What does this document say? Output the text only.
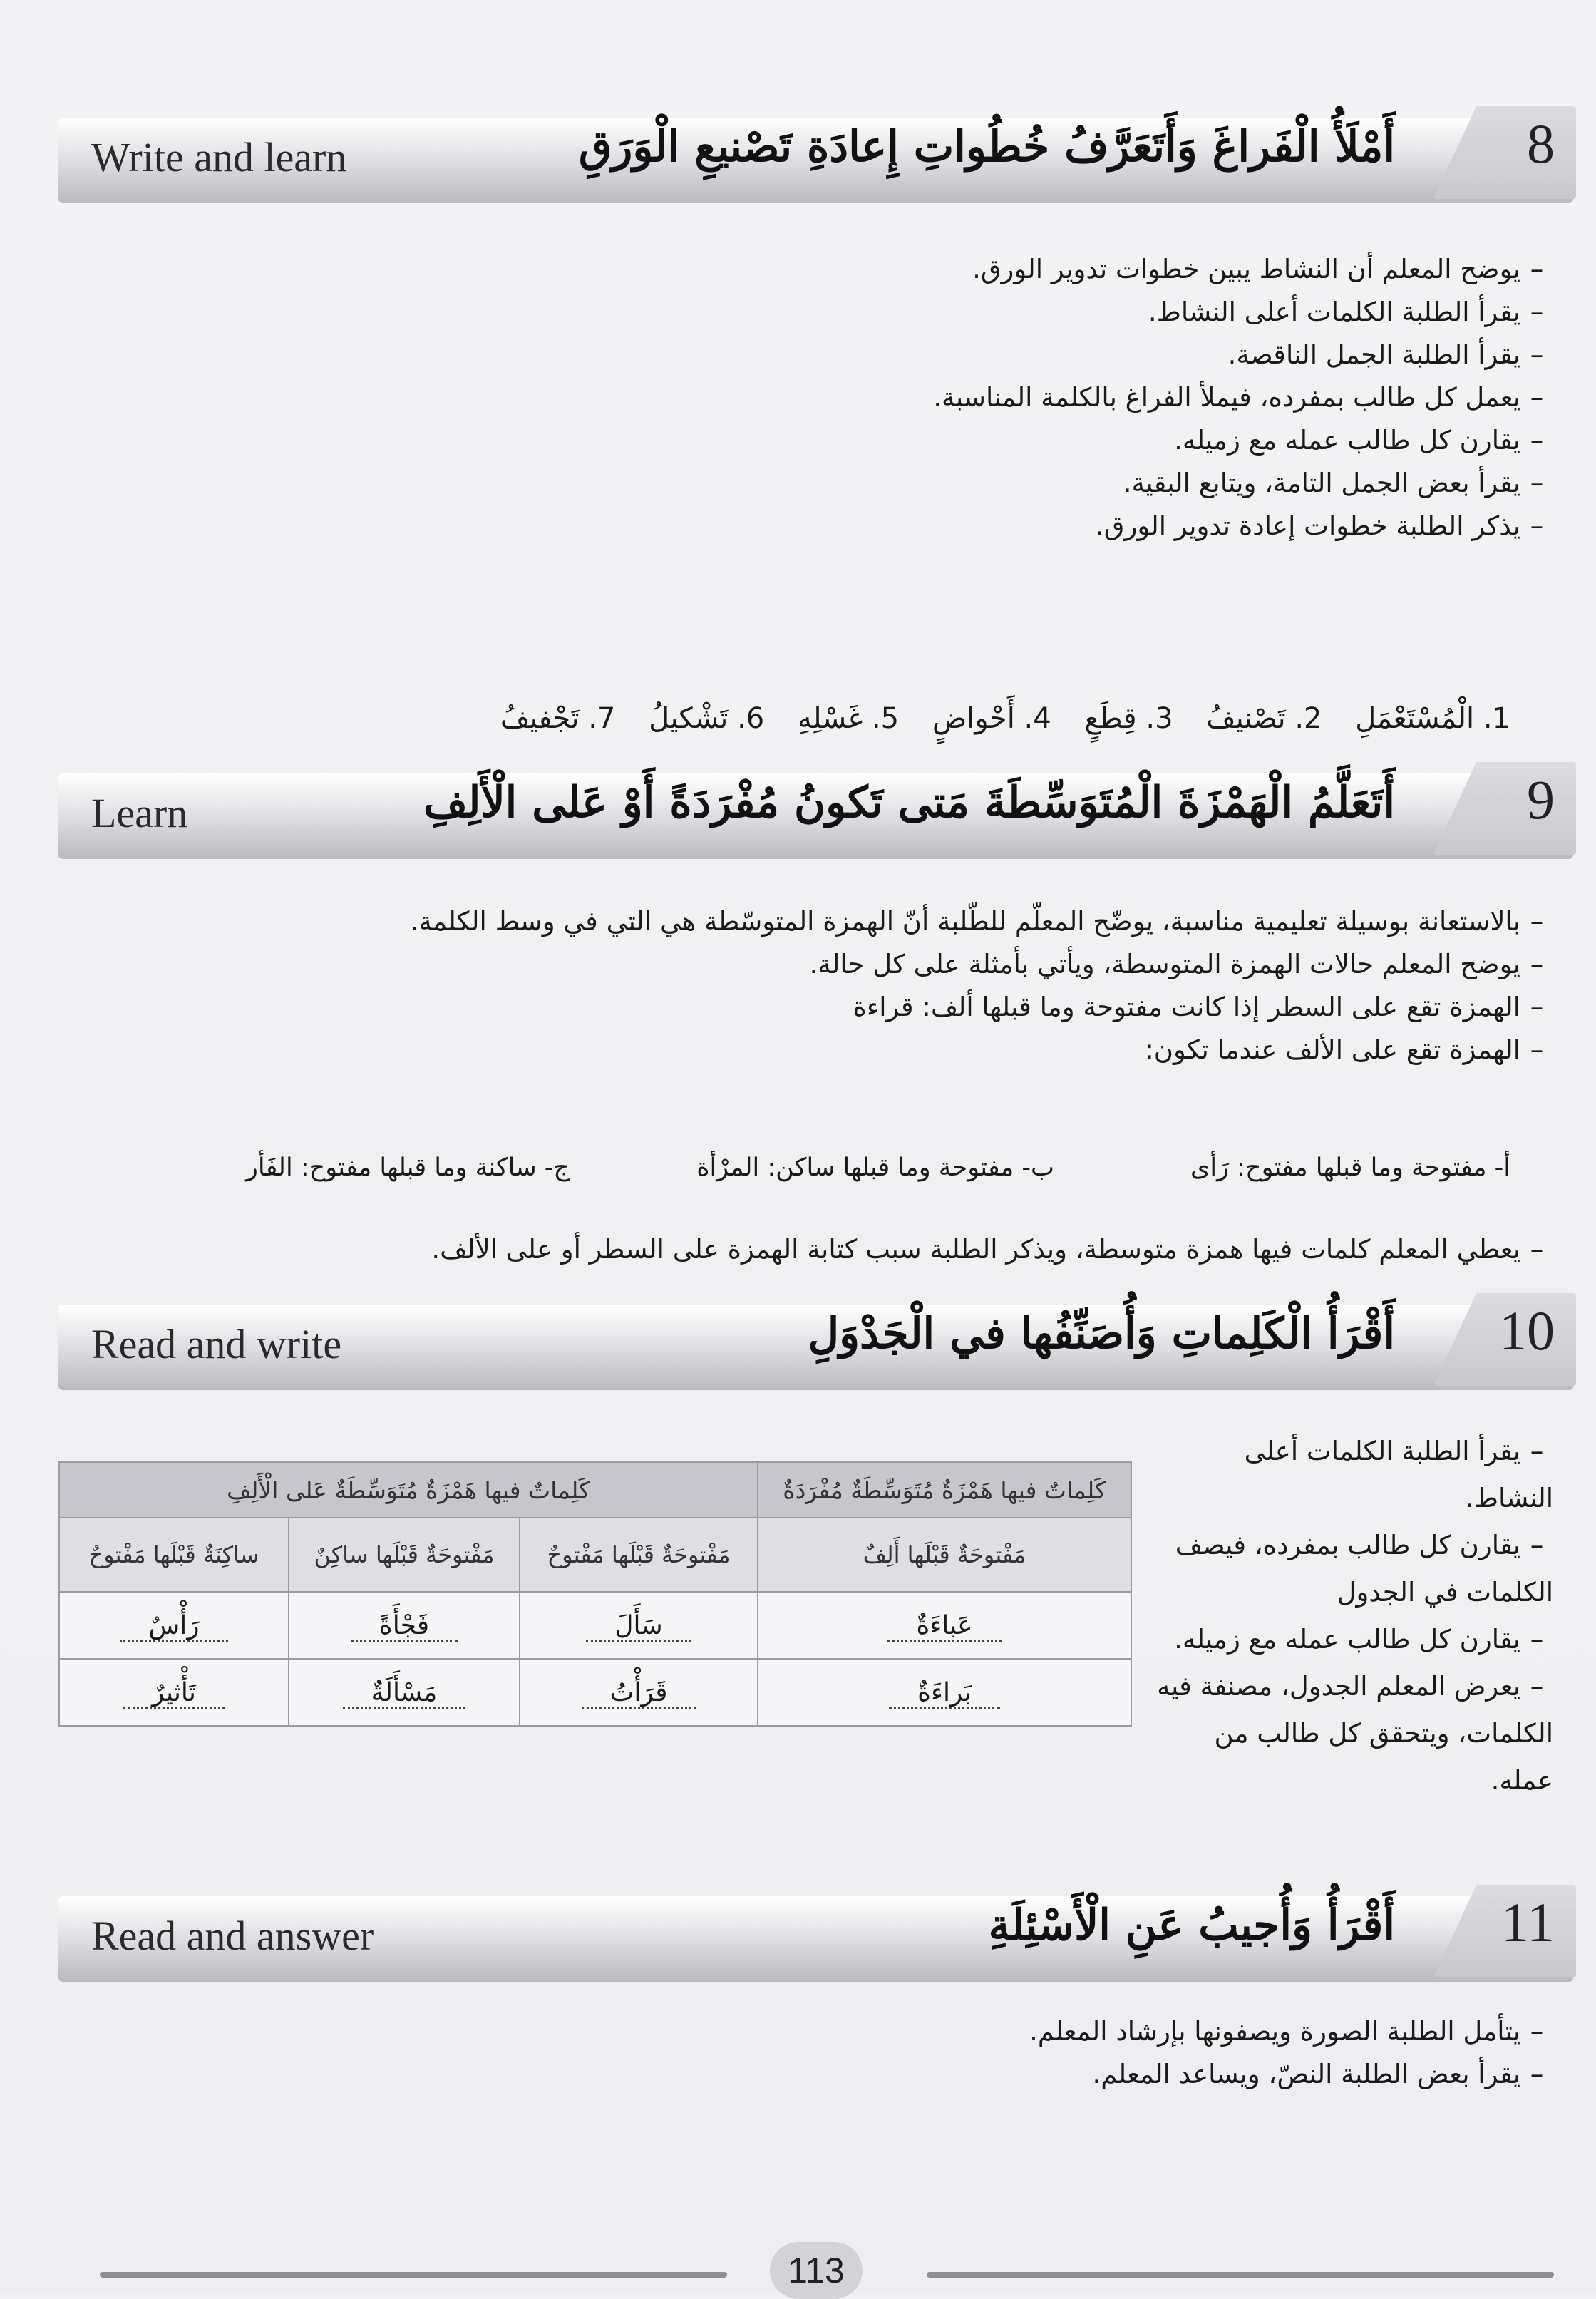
Write and learn	أَمْلَأُ الْفَراغَ وَأَتَعَرَّفُ خُطُواتِ إِعادَةِ تَصْنيعِ الْوَرَقِ 8
–يوضح المعلم أن النشاط يبين خطوات تدوير الورق.
–يقرأ الطلبة الكلمات أعلى النشاط.
–يقرأ الطلبة الجمل الناقصة.
–يعمل كل طالب بمفرده، فيملأ الفراغ بالكلمة المناسبة.
–يقارن كل طالب عمله مع زميله.
–يقرأ بعض الجمل التامة، ويتابع البقية.
–يذكر الطلبة خطوات إعادة تدوير الورق.
1. الْمُسْتَعْمَلِ 2. تَصْنيفُ 3. قِطَعٍ 4. أَحْواضٍ 5. غَسْلِهِ 6. تَشْكيلُ 7. تَجْفيفُ
Learn	أَتَعَلَّمُ الْهَمْزَةَ الْمُتَوَسِّطَةَ مَتى تَكونُ مُفْرَدَةً أَوْ عَلى الْأَلِفِ 9
–بالاستعانة بوسيلة تعليمية مناسبة، يوضّح المعلّم للطّلبة أنّ الهمزة المتوسّطة هي التي في وسط الكلمة.
–يوضح المعلم حالات الهمزة المتوسطة، ويأتي بأمثلة على كل حالة.
–الهمزة تقع على السطر إذا كانت مفتوحة وما قبلها ألف: قراءة
–الهمزة تقع على الألف عندما تكون:
أ- مفتوحة وما قبلها مفتوح: رَأى
ب- مفتوحة وما قبلها ساكن: المرْأة
ج- ساكنة وما قبلها مفتوح: الفَأر
–يعطي المعلم كلمات فيها همزة متوسطة، ويذكر الطلبة سبب كتابة الهمزة على السطر أو على الألف.
Read and write	أَقْرَأُ الْكَلِماتِ وَأُصَنِّفُها في الْجَدْوَلِ 10
كَلِماتٌ فيها هَمْزَةٌ مُتَوَسِّطَةٌ مُفْرَدَةٌ	كَلِماتٌ فيها هَمْزَةٌ مُتَوَسِّطَةٌ عَلى الْأَلِفِ		
مَفْتوحَةٌ قَبْلَها أَلِفٌ	مَفْتوحَةٌ قَبْلَها مَفْتوحٌ	مَفْتوحَةٌ قَبْلَها ساكِنٌ	ساكِنَةٌ قَبْلَها مَفْتوحٌ
عَباءَةٌ	سَأَلَ	فَجْأَةً	رَأْسٌ
بَراءَةٌ	قَرَأْتُ	مَسْأَلَةٌ	تَأْثيرٌ
–يقرأ الطلبة الكلمات أعلى النشاط.
–يقارن كل طالب بمفرده، فيصف الكلمات في الجدول
–يقارن كل طالب عمله مع زميله.
–يعرض المعلم الجدول، مصنفة فيه الكلمات، ويتحقق كل طالب من عمله.
Read and answer	أَقْرَأُ وَأُجيبُ عَنِ الْأَسْئِلَةِ 11
–يتأمل الطلبة الصورة ويصفونها بإرشاد المعلم.
–يقرأ بعض الطلبة النصّ، ويساعد المعلم.
113
